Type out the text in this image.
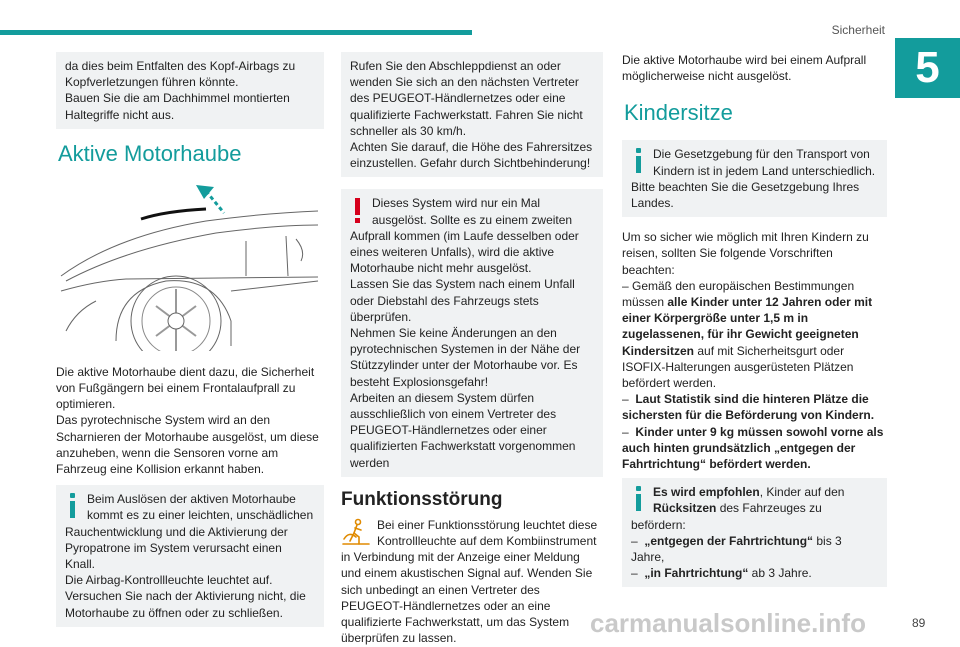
Sicherheit
5
da dies beim Entfalten des Kopf-Airbags zu Kopfverletzungen führen könnte.
Bauen Sie die am Dachhimmel montierten Haltegriffe nicht aus.
Aktive Motorhaube

Die aktive Motorhaube dient dazu, die Sicherheit von Fußgängern bei einem Frontalaufprall zu optimieren.
Das pyrotechnische System wird an den Scharnieren der Motorhaube ausgelöst, um diese anzuheben, wenn die Sensoren vorne am Fahrzeug eine Kollision erkannt haben.

Beim Auslösen der aktiven Motorhaube kommt es zu einer leichten, unschädlichen Rauchentwicklung und die Aktivierung der Pyropatrone im System verursacht einen Knall.
Die Airbag-Kontrollleuchte leuchtet auf.
Versuchen Sie nach der Aktivierung nicht, die Motorhaube zu öffnen oder zu schließen.
Rufen Sie den Abschleppdienst an oder wenden Sie sich an den nächsten Vertreter des PEUGEOT-Händlernetzes oder eine qualifizierte Fachwerkstatt. Fahren Sie nicht schneller als 30 km/h.
Achten Sie darauf, die Höhe des Fahrersitzes einzustellen. Gefahr durch Sichtbehinderung!
Dieses System wird nur ein Mal ausgelöst. Sollte es zu einem zweiten Aufprall kommen (im Laufe desselben oder eines weiteren Unfalls), wird die aktive Motorhaube nicht mehr ausgelöst.
Lassen Sie das System nach einem Unfall oder Diebstahl des Fahrzeugs stets überprüfen.
Nehmen Sie keine Änderungen an den pyrotechnischen Systemen in der Nähe der Stützzylinder unter der Motorhaube vor. Es besteht Explosionsgefahr!
Arbeiten an diesem System dürfen ausschließlich von einem Vertreter des PEUGEOT-Händlernetzes oder einer qualifizierten Fachwerkstatt vorgenommen werden
Funktionsstörung
Bei einer Funktionsstörung leuchtet diese Kontrollleuchte auf dem Kombiinstrument in Verbindung mit der Anzeige einer Meldung und einem akustischen Signal auf. Wenden Sie sich unbedingt an einen Vertreter des PEUGEOT-Händlernetzes oder an eine qualifizierte Fachwerkstatt, um das System überprüfen zu lassen.

Die aktive Motorhaube wird bei einem Aufprall möglicherweise nicht ausgelöst.

Kindersitze
Die Gesetzgebung für den Transport von Kindern ist in jedem Land unterschiedlich. Bitte beachten Sie die Gesetzgebung Ihres Landes.

Um so sicher wie möglich mit Ihren Kindern zu reisen, sollten Sie folgende Vorschriften beachten:

– Gemäß den europäischen Bestimmungen müssen alle Kinder unter 12 Jahren oder mit einer Körpergröße unter 1,5 m in zugelassenen, für ihr Gewicht geeigneten Kindersitzen auf mit Sicherheitsgurt oder ISOFIX-Halterungen ausgerüsteten Plätzen befördert werden.

–  Laut Statistik sind die hinteren Plätze die sichersten für die Beförderung von Kindern.

–  Kinder unter 9 kg müssen sowohl vorne als auch hinten grundsätzlich „entgegen der Fahrtrichtung“ befördert werden.

Es wird empfohlen, Kinder auf den Rücksitzen des Fahrzeuges zu befördern:
–  „entgegen der Fahrtrichtung“ bis 3 Jahre,
–  „in Fahrtrichtung“ ab 3 Jahre.
carmanualsonline.info	89
